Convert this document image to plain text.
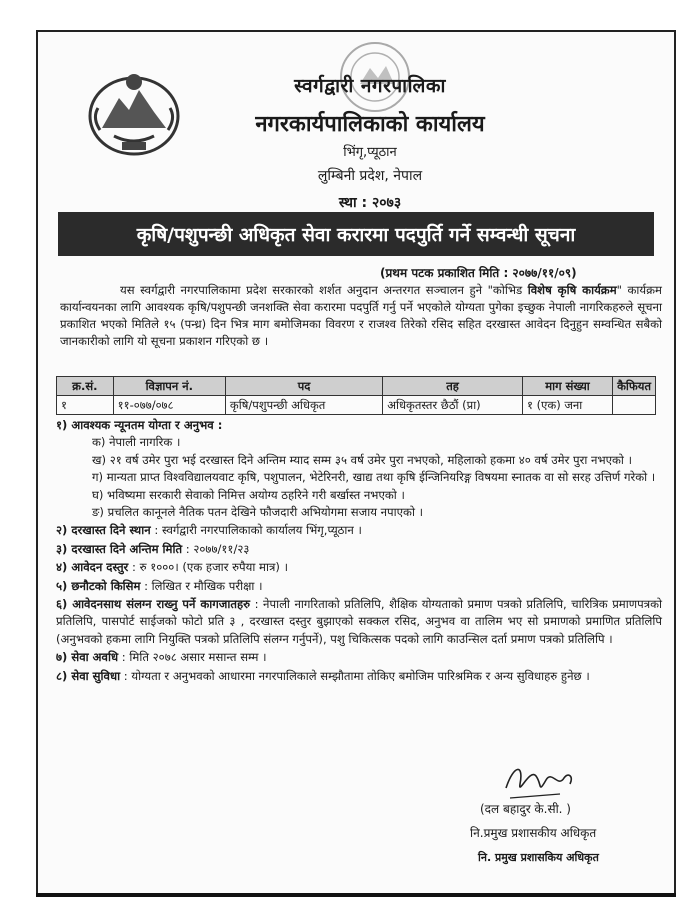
स्वर्गद्वारी नगरपालिका
नगरकार्यपालिकाको कार्यालय
भिंगृ,प्यूठान
लुम्बिनी प्रदेश, नेपाल
स्था : २०७३
कृषि/पशुपन्छी अधिकृत सेवा करारमा पदपुर्ति गर्ने सम्वन्धी सूचना
(प्रथम पटक प्रकाशित मिति : २०७७/११/०९)
यस स्वर्गद्वारी नगरपालिकामा प्रदेश सरकारको शर्शत अनुदान अन्तरगत सञ्चालन हुने "कोभिड विशेष कृषि कार्यक्रम" कार्यक्रम कार्यान्वयनका लागि आवश्यक कृषि/पशुपन्छी जनशक्ति सेवा करारमा पदपुर्ति गर्नु पर्ने भएकोले योग्यता पुगेका इच्छुक नेपाली नागरिकहरुले सूचना प्रकाशित भएको मितिले १५ (पन्ध्र) दिन भित्र माग बमोजिमका विवरण र राजश्व तिरेको रसिद सहित दरखास्त आवेदन दिनुहुन सम्वन्धित सबैको जानकारीको लागि यो सूचना प्रकाशन गरिएको छ ।
क्र.सं.	विज्ञापन नं.	पद	तह	माग संख्या	कैफियत
१	११-०७७/०७८	कृषि/पशुपन्छी अधिकृत	अधिकृतस्तर छैठौं (प्रा)	१ (एक) जना	

१) आवश्यक न्यूनतम योग्ता र अनुभव :

क) नेपाली नागरिक ।

ख) २१ वर्ष उमेर पुरा भई दरखास्त दिने अन्तिम म्याद सम्म ३५ वर्ष उमेर पुरा नभएको, महिलाको हकमा ४० वर्ष उमेर पुरा नभएको ।

ग) मान्यता प्राप्त विश्वविद्यालयवाट कृषि, पशुपालन, भेटेरिनरी, खाद्य तथा कृषि ईन्जिनियरिङ्ग विषयमा स्नातक वा सो सरह उत्तिर्ण गरेको ।

घ) भविष्यमा सरकारी सेवाको निमित्त अयोग्य ठहरिने गरी बर्खास्त नभएको ।

ङ) प्रचलित कानूनले नैतिक पतन देखिने फौजदारी अभियोगमा सजाय नपाएको ।

२) दरखास्त दिने स्थान : स्वर्गद्वारी नगरपालिकाको कार्यालय भिंगृ,प्यूठान ।

३) दरखास्त दिने अन्तिम मिति : २०७७/११/२३

४) आवेदन दस्तुर : रु १०००। (एक हजार रुपैया मात्र) ।

५) छनौटको किसिम : लिखित र मौखिक परीक्षा ।

६) आवेदनसाथ संलग्न राख्नु पर्ने कागजातहरु : नेपाली नागरिताको प्रतिलिपि, शैक्षिक योग्यताको प्रमाण पत्रको प्रतिलिपि, चारित्रिक प्रमाणपत्रको प्रतिलिपि, पासपोर्ट साईजको फोटो प्रति ३ , दरखास्त दस्तुर बुझाएको सक्कल रसिद, अनुभव वा तालिम भए सो प्रमाणको प्रमाणित प्रतिलिपि (अनुभवको हकमा लागि नियुक्ति पत्रको प्रतिलिपि संलग्न गर्नुपर्ने), पशु चिकित्सक पदको लागि काउन्सिल दर्ता प्रमाण पत्रको प्रतिलिपि ।

७) सेवा अवधि : मिति २०७८ असार मसान्त सम्म ।

८) सेवा सुविधा : योग्यता र अनुभवको आधारमा नगरपालिकाले सम्झौतामा तोकिए बमोजिम पारिश्रमिक र अन्य सुविधाहरु हुनेछ ।

(दल बहादुर के.सी. )
नि.प्रमुख प्रशासकीय अधिकृत
नि. प्रमुख प्रशासकिय अधिकृत
